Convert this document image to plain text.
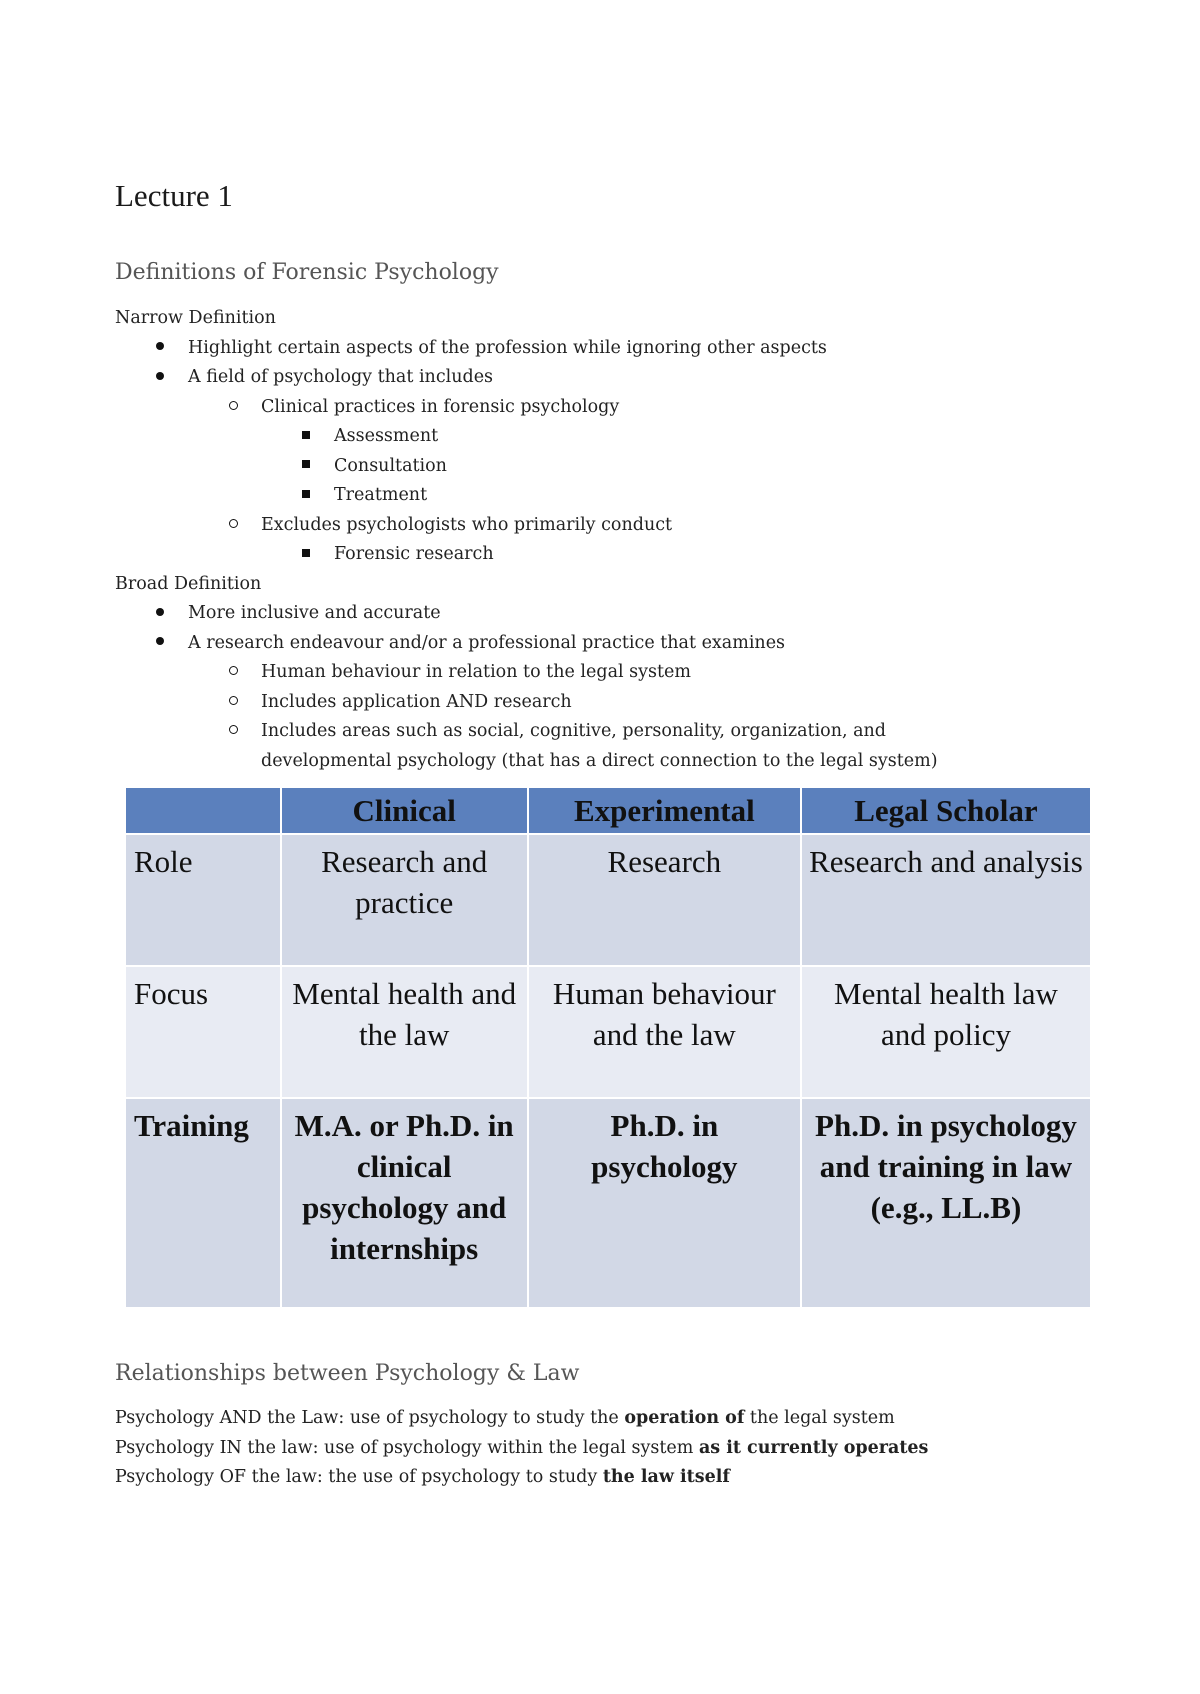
Lecture 1
Definitions of Forensic Psychology

Narrow Definition

Highlight certain aspects of the profession while ignoring other aspects
A field of psychology that includes
Clinical practices in forensic psychology
Assessment
Consultation
Treatment
Excludes psychologists who primarily conduct
Forensic research

Broad Definition

More inclusive and accurate
A research endeavour and/or a professional practice that examines
Human behaviour in relation to the legal system
Includes application AND research
Includes areas such as social, cognitive, personality, organization, and developmental psychology (that has a direct connection to the legal system)
	Clinical	Experimental	Legal Scholar
Role	Research and practice	Research	Research and analysis
Focus	Mental health and the law	Human behaviour and the law	Mental health law and policy
Training	M.A. or Ph.D. in clinical psychology and internships	Ph.D. in psychology	Ph.D. in psychology and training in law (e.g., LL.B)
Relationships between Psychology & Law

Psychology AND the Law: use of psychology to study the operation of the legal system

Psychology IN the law: use of psychology within the legal system as it currently operates

Psychology OF the law: the use of psychology to study the law itself
